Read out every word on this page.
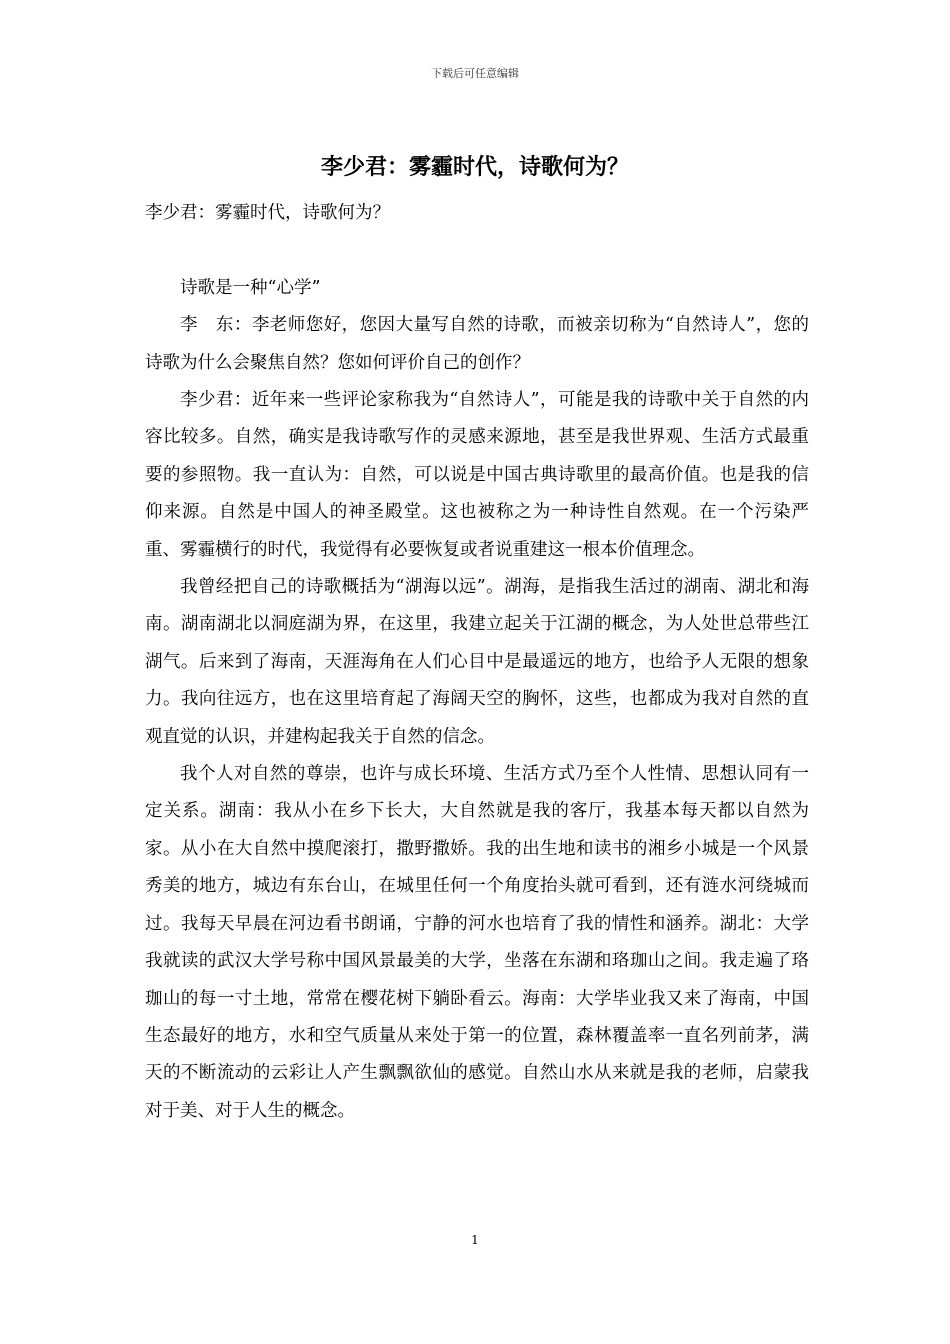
下载后可任意编辑
李少君：雾霾时代，诗歌何为？

李少君：雾霾时代，诗歌何为？

诗歌是一种“心学”

李　东：李老师您好，您因大量写自然的诗歌，而被亲切称为“自然诗人”，您的诗歌为什么会聚焦自然？您如何评价自己的创作？

李少君：近年来一些评论家称我为“自然诗人”，可能是我的诗歌中关于自然的内容比较多。自然，确实是我诗歌写作的灵感来源地，甚至是我世界观、生活方式最重要的参照物。我一直认为：自然，可以说是中国古典诗歌里的最高价值。也是我的信仰来源。自然是中国人的神圣殿堂。这也被称之为一种诗性自然观。在一个污染严重、雾霾横行的时代，我觉得有必要恢复或者说重建这一根本价值理念。

我曾经把自己的诗歌概括为“湖海以远”。湖海，是指我生活过的湖南、湖北和海南。湖南湖北以洞庭湖为界，在这里，我建立起关于江湖的概念，为人处世总带些江湖气。后来到了海南，天涯海角在人们心目中是最遥远的地方，也给予人无限的想象力。我向往远方，也在这里培育起了海阔天空的胸怀，这些，也都成为我对自然的直观直觉的认识，并建构起我关于自然的信念。

我个人对自然的尊崇，也许与成长环境、生活方式乃至个人性情、思想认同有一定关系。湖南：我从小在乡下长大，大自然就是我的客厅，我基本每天都以自然为家。从小在大自然中摸爬滚打，撒野撒娇。我的出生地和读书的湘乡小城是一个风景秀美的地方，城边有东台山，在城里任何一个角度抬头就可看到，还有涟水河绕城而过。我每天早晨在河边看书朗诵，宁静的河水也培育了我的情性和涵养。湖北：大学我就读的武汉大学号称中国风景最美的大学，坐落在东湖和珞珈山之间。我走遍了珞珈山的每一寸土地，常常在樱花树下躺卧看云。海南：大学毕业我又来了海南，中国生态最好的地方，水和空气质量从来处于第一的位置，森林覆盖率一直名列前茅，满天的不断流动的云彩让人产生飘飘欲仙的感觉。自然山水从来就是我的老师，启蒙我对于美、对于人生的概念。

1
